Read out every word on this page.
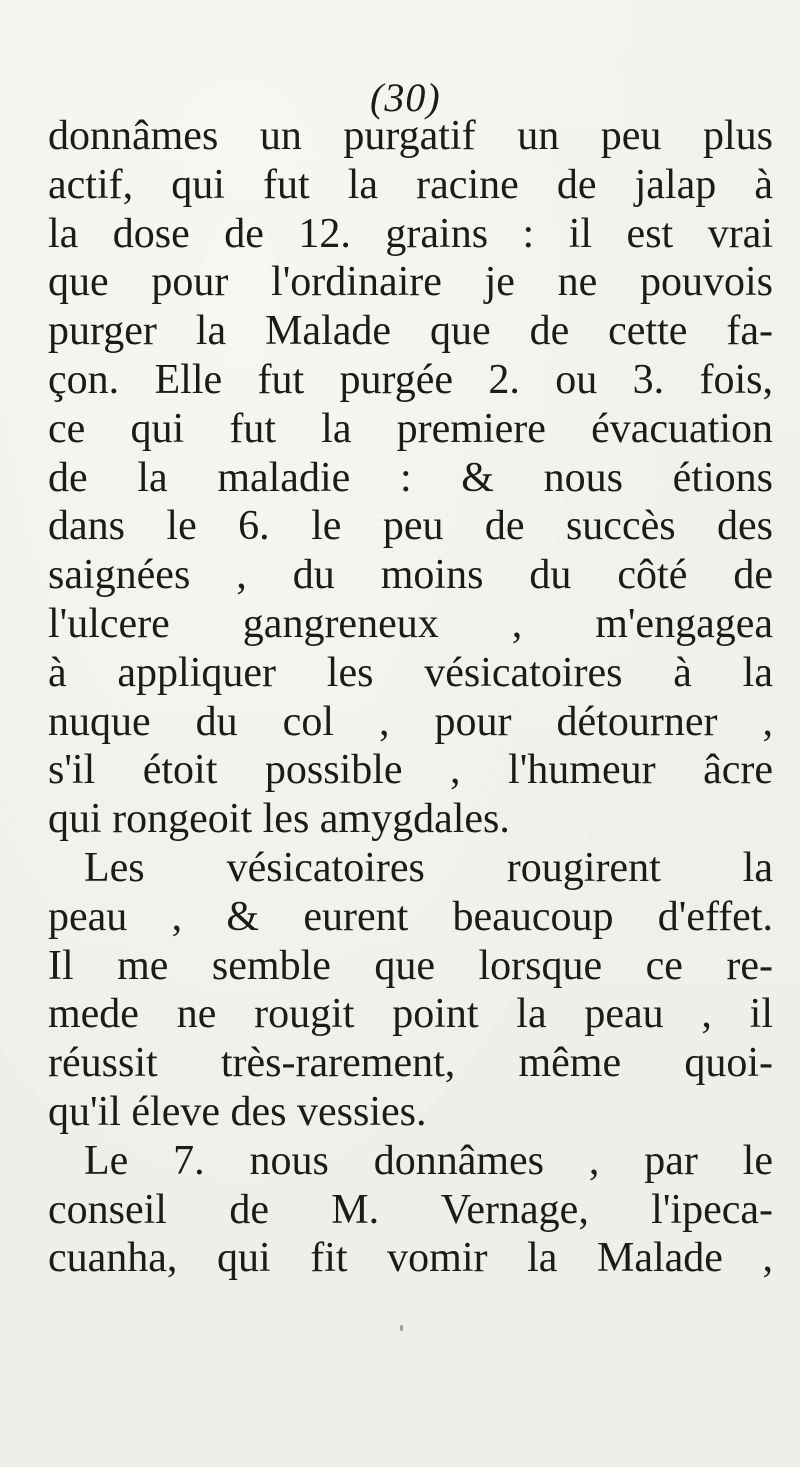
(30)
donnâmes un purgatif un peu plus
actif, qui fut la racine de jalap à
la dose de 12. grains : il est vrai
que pour l'ordinaire je ne pouvois
purger la Malade que de cette fa-
çon. Elle fut purgée 2. ou 3. fois,
ce qui fut la premiere évacuation
de la maladie : & nous étions
dans le 6. le peu de succès des
saignées , du moins du côté de
l'ulcere gangreneux , m'engagea
à appliquer les vésicatoires à la
nuque du col , pour détourner ,
s'il étoit possible , l'humeur âcre
qui rongeoit les amygdales.
Les vésicatoires rougirent la
peau , & eurent beaucoup d'effet.
Il me semble que lorsque ce re-
mede ne rougit point la peau , il
réussit très-rarement, même quoi-
qu'il éleve des vessies.
Le 7. nous donnâmes , par le
conseil de M. Vernage, l'ipeca-
cuanha, qui fit vomir la Malade ,
